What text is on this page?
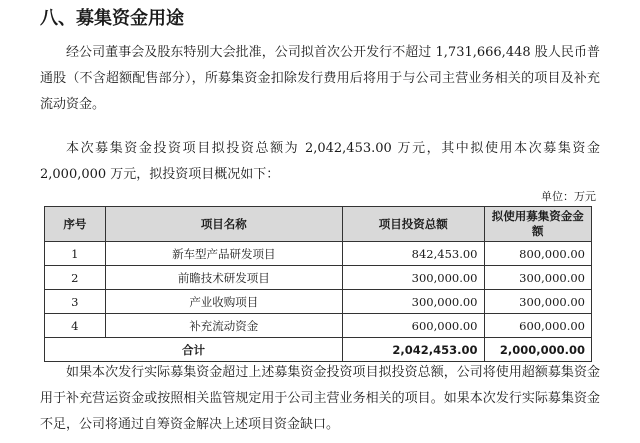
八、募集资金用途
经公司董事会及股东特别大会批准，公司拟首次公开发行不超过 1,731,666,448 股人民币普通股（不含超额配售部分），所募集资金扣除发行费用后将用于与公司主营业务相关的项目及补充流动资金。
本次募集资金投资项目拟投资总额为 2,042,453.00 万元，其中拟使用本次募集资金 2,000,000 万元，拟投资项目概况如下：
单位：万元
序号	项目名称	项目投资总额	拟使用募集资金金额
1	新车型产品研发项目	842,453.00	800,000.00
2	前瞻技术研发项目	300,000.00	300,000.00
3	产业收购项目	300,000.00	300,000.00
4	补充流动资金	600,000.00	600,000.00
合计		2,042,453.00	2,000,000.00
如果本次发行实际募集资金超过上述募集资金投资项目拟投资总额，公司将使用超额募集资金用于补充营运资金或按照相关监管规定用于公司主营业务相关的项目。如果本次发行实际募集资金不足，公司将通过自筹资金解决上述项目资金缺口。
